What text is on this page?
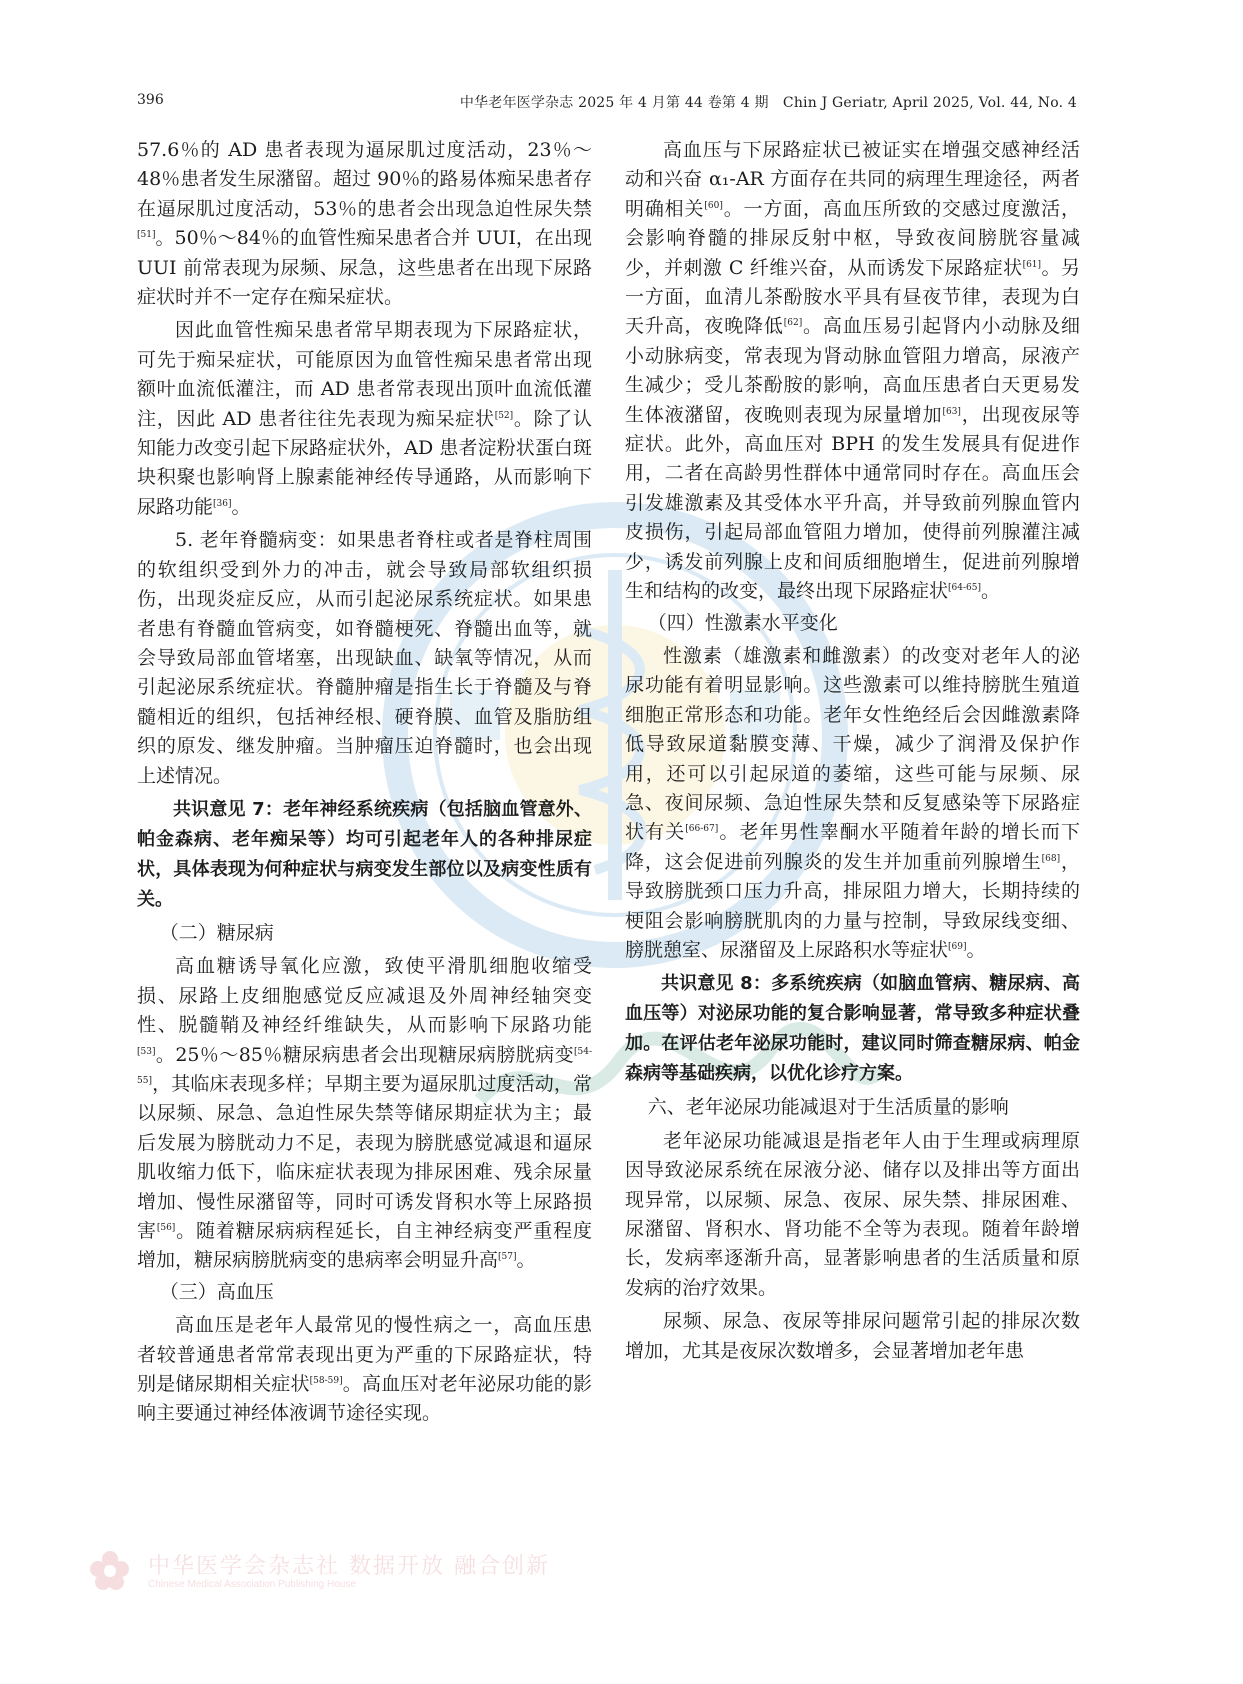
396	中华老年医学杂志 2025 年 4 月第 44 卷第 4 期　Chin J Geriatr, April 2025, Vol. 44, No. 4

57.6％的 AD 患者表现为逼尿肌过度活动，23％～48％患者发生尿潴留。超过 90％的路易体痴呆患者存在逼尿肌过度活动，53％的患者会出现急迫性尿失禁[51]。50％～84％的血管性痴呆患者合并 UUI，在出现 UUI 前常表现为尿频、尿急，这些患者在出现下尿路症状时并不一定存在痴呆症状。

因此血管性痴呆患者常早期表现为下尿路症状，可先于痴呆症状，可能原因为血管性痴呆患者常出现额叶血流低灌注，而 AD 患者常表现出顶叶血流低灌注，因此 AD 患者往往先表现为痴呆症状[52]。除了认知能力改变引起下尿路症状外，AD 患者淀粉状蛋白斑块积聚也影响肾上腺素能神经传导通路，从而影响下尿路功能[36]。

5. 老年脊髓病变：如果患者脊柱或者是脊柱周围的软组织受到外力的冲击，就会导致局部软组织损伤，出现炎症反应，从而引起泌尿系统症状。如果患者患有脊髓血管病变，如脊髓梗死、脊髓出血等，就会导致局部血管堵塞，出现缺血、缺氧等情况，从而引起泌尿系统症状。脊髓肿瘤是指生长于脊髓及与脊髓相近的组织，包括神经根、硬脊膜、血管及脂肪组织的原发、继发肿瘤。当肿瘤压迫脊髓时，也会出现上述情况。

共识意见 7：老年神经系统疾病（包括脑血管意外、帕金森病、老年痴呆等）均可引起老年人的各种排尿症状，具体表现为何种症状与病变发生部位以及病变性质有关。

（二）糖尿病

高血糖诱导氧化应激，致使平滑肌细胞收缩受损、尿路上皮细胞感觉反应减退及外周神经轴突变性、脱髓鞘及神经纤维缺失，从而影响下尿路功能[53]。25％～85％糖尿病患者会出现糖尿病膀胱病变[54-55]，其临床表现多样；早期主要为逼尿肌过度活动，常以尿频、尿急、急迫性尿失禁等储尿期症状为主；最后发展为膀胱动力不足，表现为膀胱感觉减退和逼尿肌收缩力低下，临床症状表现为排尿困难、残余尿量增加、慢性尿潴留等，同时可诱发肾积水等上尿路损害[56]。随着糖尿病病程延长，自主神经病变严重程度增加，糖尿病膀胱病变的患病率会明显升高[57]。

（三）高血压

高血压是老年人最常见的慢性病之一，高血压患者较普通患者常常表现出更为严重的下尿路症状，特别是储尿期相关症状[58-59]。高血压对老年泌尿功能的影响主要通过神经体液调节途径实现。

高血压与下尿路症状已被证实在增强交感神经活动和兴奋 α₁-AR 方面存在共同的病理生理途径，两者明确相关[60]。一方面，高血压所致的交感过度激活，会影响脊髓的排尿反射中枢，导致夜间膀胱容量减少，并刺激 C 纤维兴奋，从而诱发下尿路症状[61]。另一方面，血清儿茶酚胺水平具有昼夜节律，表现为白天升高，夜晚降低[62]。高血压易引起肾内小动脉及细小动脉病变，常表现为肾动脉血管阻力增高，尿液产生减少；受儿茶酚胺的影响，高血压患者白天更易发生体液潴留，夜晚则表现为尿量增加[63]，出现夜尿等症状。此外，高血压对 BPH 的发生发展具有促进作用，二者在高龄男性群体中通常同时存在。高血压会引发雄激素及其受体水平升高，并导致前列腺血管内皮损伤，引起局部血管阻力增加，使得前列腺灌注减少，诱发前列腺上皮和间质细胞增生，促进前列腺增生和结构的改变，最终出现下尿路症状[64-65]。

（四）性激素水平变化

性激素（雄激素和雌激素）的改变对老年人的泌尿功能有着明显影响。这些激素可以维持膀胱生殖道细胞正常形态和功能。老年女性绝经后会因雌激素降低导致尿道黏膜变薄、干燥，减少了润滑及保护作用，还可以引起尿道的萎缩，这些可能与尿频、尿急、夜间尿频、急迫性尿失禁和反复感染等下尿路症状有关[66-67]。老年男性睾酮水平随着年龄的增长而下降，这会促进前列腺炎的发生并加重前列腺增生[68]，导致膀胱颈口压力升高，排尿阻力增大，长期持续的梗阻会影响膀胱肌肉的力量与控制，导致尿线变细、膀胱憩室、尿潴留及上尿路积水等症状[69]。

共识意见 8：多系统疾病（如脑血管病、糖尿病、高血压等）对泌尿功能的复合影响显著，常导致多种症状叠加。在评估老年泌尿功能时，建议同时筛查糖尿病、帕金森病等基础疾病，以优化诊疗方案。

六、老年泌尿功能减退对于生活质量的影响

老年泌尿功能减退是指老年人由于生理或病理原因导致泌尿系统在尿液分泌、储存以及排出等方面出现异常，以尿频、尿急、夜尿、尿失禁、排尿困难、尿潴留、肾积水、肾功能不全等为表现。随着年龄增长，发病率逐渐升高，显著影响患者的生活质量和原发病的治疗效果。

尿频、尿急、夜尿等排尿问题常引起的排尿次数增加，尤其是夜尿次数增多，会显著增加老年患

中华医学会杂志社 数据开放 融合创新
Chinese Medical Association Publishing House
